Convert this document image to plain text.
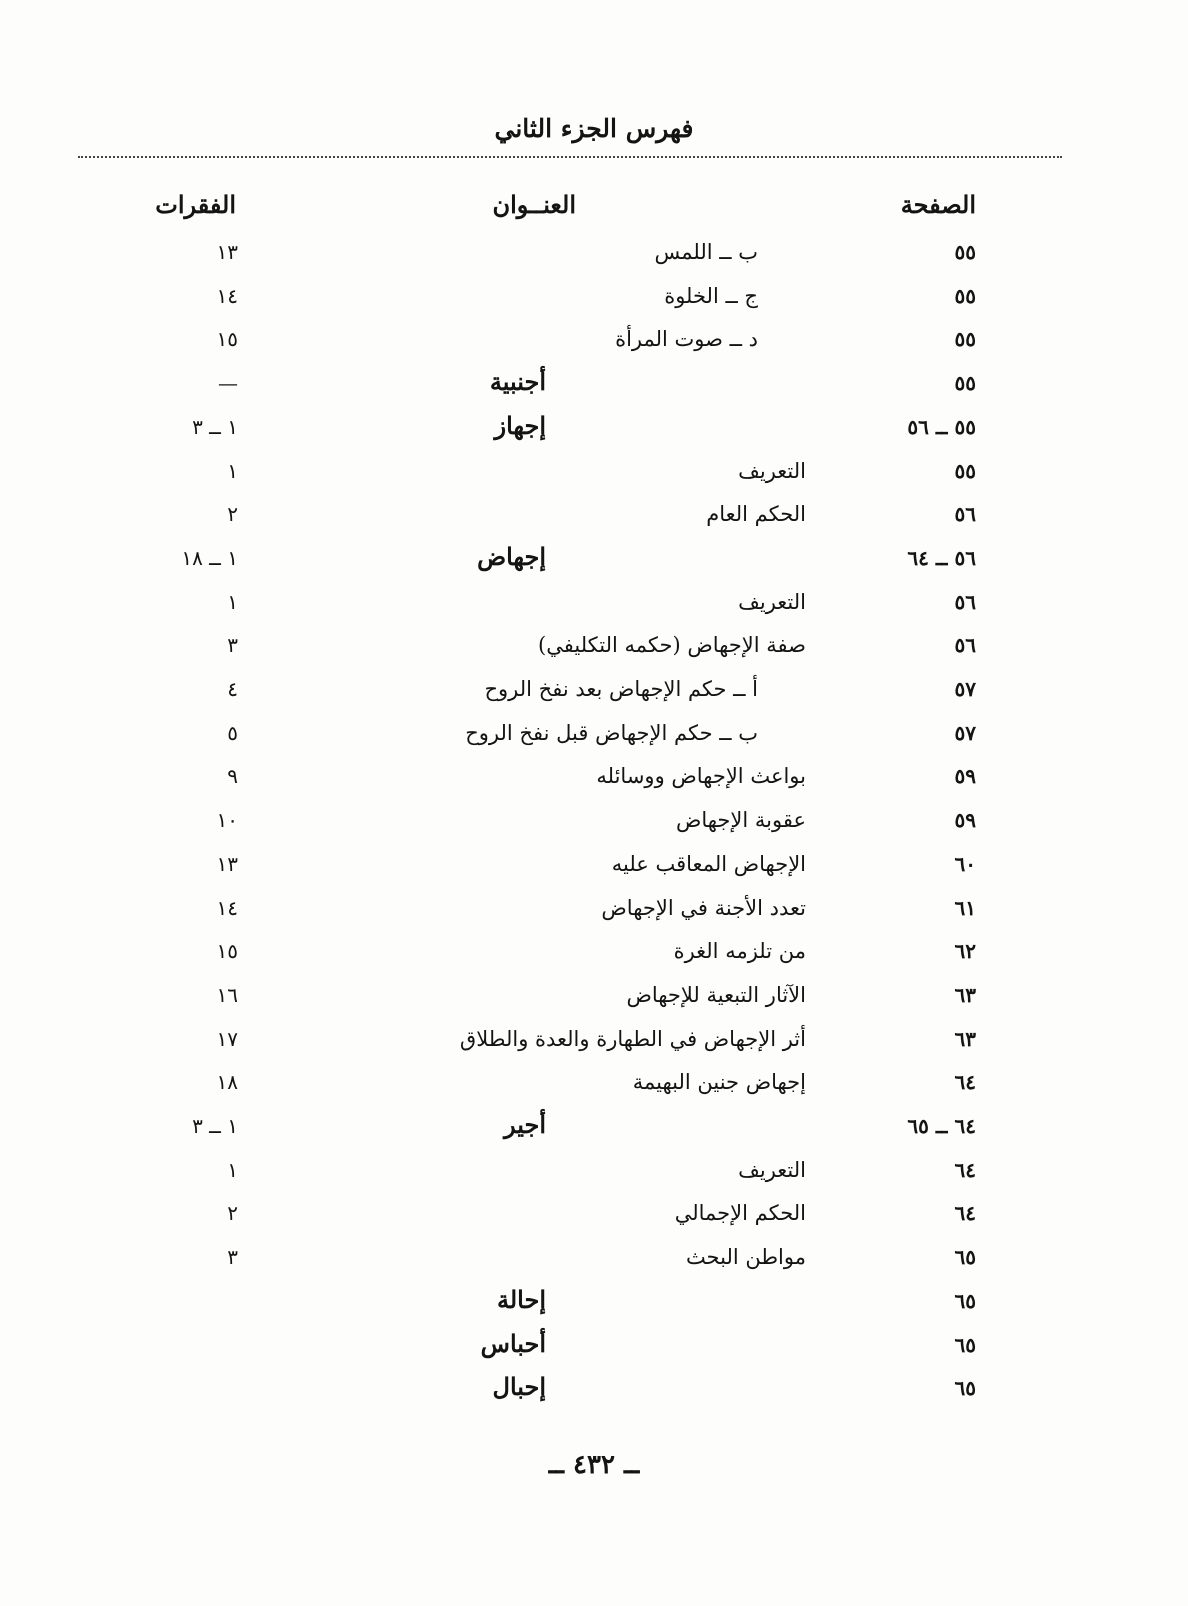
فهرس الجزء الثاني
الصفحة
العنــوان
الفقرات
٥٥
ب ــ اللمس
١٣
٥٥
ج ــ الخلوة
١٤
٥٥
د ــ صوت المرأة
١٥
٥٥
أجنبية
—
٥٥ ــ ٥٦
إجهاز
١ ــ ٣
٥٥
التعريف
١
٥٦
الحكم العام
٢
٥٦ ــ ٦٤
إجهاض
١ ــ ١٨
٥٦
التعريف
١
٥٦
صفة الإجهاض (حكمه التكليفي)
٣
٥٧
أ ــ حكم الإجهاض بعد نفخ الروح
٤
٥٧
ب ــ حكم الإجهاض قبل نفخ الروح
٥
٥٩
بواعث الإجهاض ووسائله
٩
٥٩
عقوبة الإجهاض
١٠
٦٠
الإجهاض المعاقب عليه
١٣
٦١
تعدد الأجنة في الإجهاض
١٤
٦٢
من تلزمه الغرة
١٥
٦٣
الآثار التبعية للإجهاض
١٦
٦٣
أثر الإجهاض في الطهارة والعدة والطلاق
١٧
٦٤
إجهاض جنين البهيمة
١٨
٦٤ ــ ٦٥
أجير
١ ــ ٣
٦٤
التعريف
١
٦٤
الحكم الإجمالي
٢
٦٥
مواطن البحث
٣
٦٥
إحالة
٦٥
أحباس
٦٥
إحبال
ــ ٤٣٢ ــ
